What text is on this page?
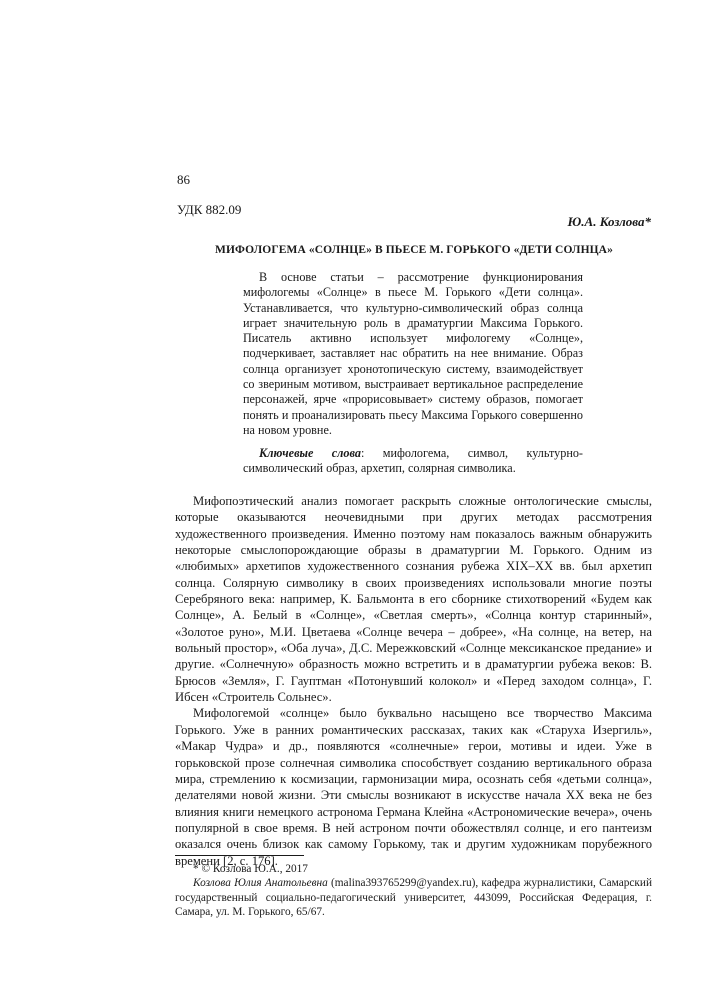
86
УДК 882.09
Ю.А. Козлова*
МИФОЛОГЕМА «СОЛНЦЕ» В ПЬЕСЕ М. ГОРЬКОГО «ДЕТИ СОЛНЦА»

В основе статьи – рассмотрение функционирования мифологемы «Солнце» в пьесе М. Горького «Дети солнца». Устанавливается, что культурно-символический образ солнца играет значительную роль в драматургии Максима Горького. Писатель активно использует мифологему «Солнце», подчеркивает, заставляет нас обратить на нее внимание. Образ солнца организует хронотопическую систему, взаимодействует со звериным мотивом, выстраивает вертикальное распределение персонажей, ярче «прорисовывает» систему образов, помогает понять и проанализировать пьесу Максима Горького совершенно на новом уровне.

Ключевые слова: мифологема, символ, культурно-символический образ, архетип, солярная символика.

Мифопоэтический анализ помогает раскрыть сложные онтологические смыслы, которые оказываются неочевидными при других методах рассмотрения художественного произведения. Именно поэтому нам показалось важным обнаружить некоторые смыслопорождающие образы в драматургии М. Горького. Одним из «любимых» архетипов художественного сознания рубежа XIX–XX вв. был архетип солнца. Солярную символику в своих произведениях использовали многие поэты Серебряного века: например, К. Бальмонта в его сборнике стихотворений «Будем как Солнце», А. Белый в «Солнце», «Светлая смерть», «Солнца контур старинный», «Золотое руно», М.И. Цветаева «Солнце вечера – добрее», «На солнце, на ветер, на вольный простор», «Оба луча», Д.С. Мережковский «Солнце мексиканское предание» и другие. «Солнечную» образность можно встретить и в драматургии рубежа веков: В. Брюсов «Земля», Г. Гауптман «Потонувший колокол» и «Перед заходом солнца», Г. Ибсен «Строитель Сольнес».

Мифологемой «солнце» было буквально насыщено все творчество Максима Горького. Уже в ранних романтических рассказах, таких как «Старуха Изергиль», «Макар Чудра» и др., появляются «солнечные» герои, мотивы и идеи. Уже в горьковской прозе солнечная символика способствует созданию вертикального образа мира, стремлению к космизации, гармонизации мира, осознать себя «детьми солнца», делателями новой жизни. Эти смыслы возникают в искусстве начала XX века не без влияния книги немецкого астронома Германа Клейна «Астрономические вечера», очень популярной в свое время. В ней астроном почти обожествлял солнце, и его пантеизм оказался очень близок как самому Горькому, так и другим художникам порубежного времени [2, с. 176].

* © Козлова Ю.А., 2017

Козлова Юлия Анатольевна (malina393765299@yandex.ru), кафедра журналистики, Самарский государственный социально-педагогический университет, 443099, Российская Федерация, г. Самара, ул. М. Горького, 65/67.
